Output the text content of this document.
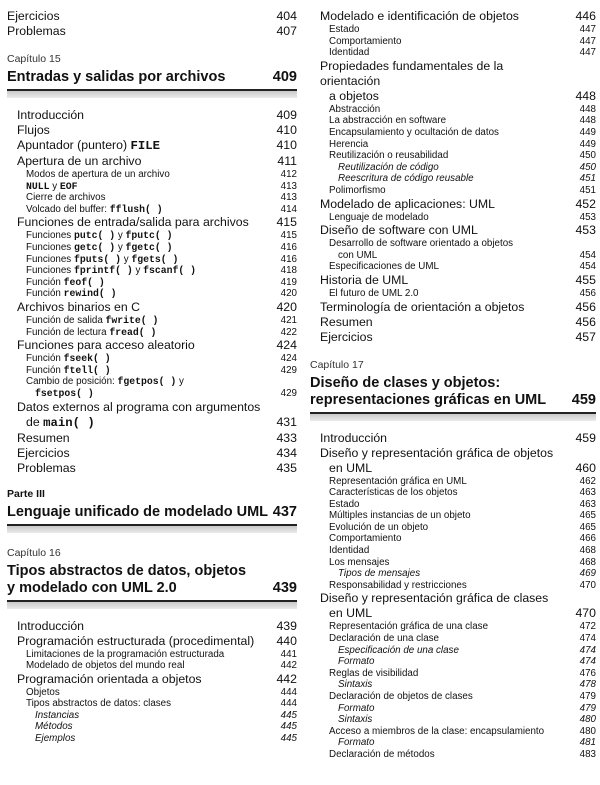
Ejercicios	404
Problemas	407
Capítulo 15
Entradas y salidas por archivos	409
Introducción	409
Flujos	410
Apuntador (puntero) FILE	410
Apertura de un archivo	411
Modos de apertura de un archivo	412
NULL y EOF	413
Cierre de archivos	413
Volcado del buffer: fflush( )	414
Funciones de entrada/salida para archivos	415
Funciones putc( ) y fputc( )	415
Funciones getc( ) y fgetc( )	416
Funciones fputs( ) y fgets( )	416
Funciones fprintf( ) y fscanf( )	418
Función feof( )	419
Función rewind( )	420
Archivos binarios en C	420
Función de salida fwrite( )	421
Función de lectura fread( )	422
Funciones para acceso aleatorio	424
Función fseek( )	424
Función ftell( )	429
Cambio de posición: fgetpos( ) y
fsetpos( )	429
Datos externos al programa con argumentos
de main( )	431
Resumen	433
Ejercicios	434
Problemas	435
Parte III
Lenguaje unificado de modelado UML 437
Capítulo 16
Tipos abstractos de datos, objetos
y modelado con UML 2.0	439
Introducción	439
Programación estructurada (procedimental)	440
Limitaciones de la programación estructurada	441
Modelado de objetos del mundo real	442
Programación orientada a objetos	442
Objetos	444
Tipos abstractos de datos: clases	444
Instancias	445
Métodos	445
Ejemplos	445
Modelado e identificación de objetos	446
Estado	447
Comportamiento	447
Identidad	447
Propiedades fundamentales de la orientación
a objetos	448
Abstracción	448
La abstracción en software	448
Encapsulamiento y ocultación de datos	449
Herencia	449
Reutilización o reusabilidad	450
Reutilización de código	450
Reescritura de código reusable	451
Polimorfismo	451
Modelado de aplicaciones: UML	452
Lenguaje de modelado	453
Diseño de software con UML	453
Desarrollo de software orientado a objetos
con UML	454
Especificaciones de UML	454
Historia de UML	455
El futuro de UML 2.0	456
Terminología de orientación a objetos	456
Resumen	456
Ejercicios	457
Capítulo 17
Diseño de clases y objetos:
representaciones gráficas en UML 459
Introducción	459
Diseño y representación gráfica de objetos
en UML	460
Representación gráfica en UML	462
Características de los objetos	463
Estado	463
Múltiples instancias de un objeto	465
Evolución de un objeto	465
Comportamiento	466
Identidad	468
Los mensajes	468
Tipos de mensajes	469
Responsabilidad y restricciones	470
Diseño y representación gráfica de clases
en UML	470
Representación gráfica de una clase	472
Declaración de una clase	474
Especificación de una clase	474
Formato	474
Reglas de visibilidad	476
Sintaxis	478
Declaración de objetos de clases	479
Formato	479
Sintaxis	480
Acceso a miembros de la clase: encapsulamiento	480
Formato	481
Declaración de métodos	483
